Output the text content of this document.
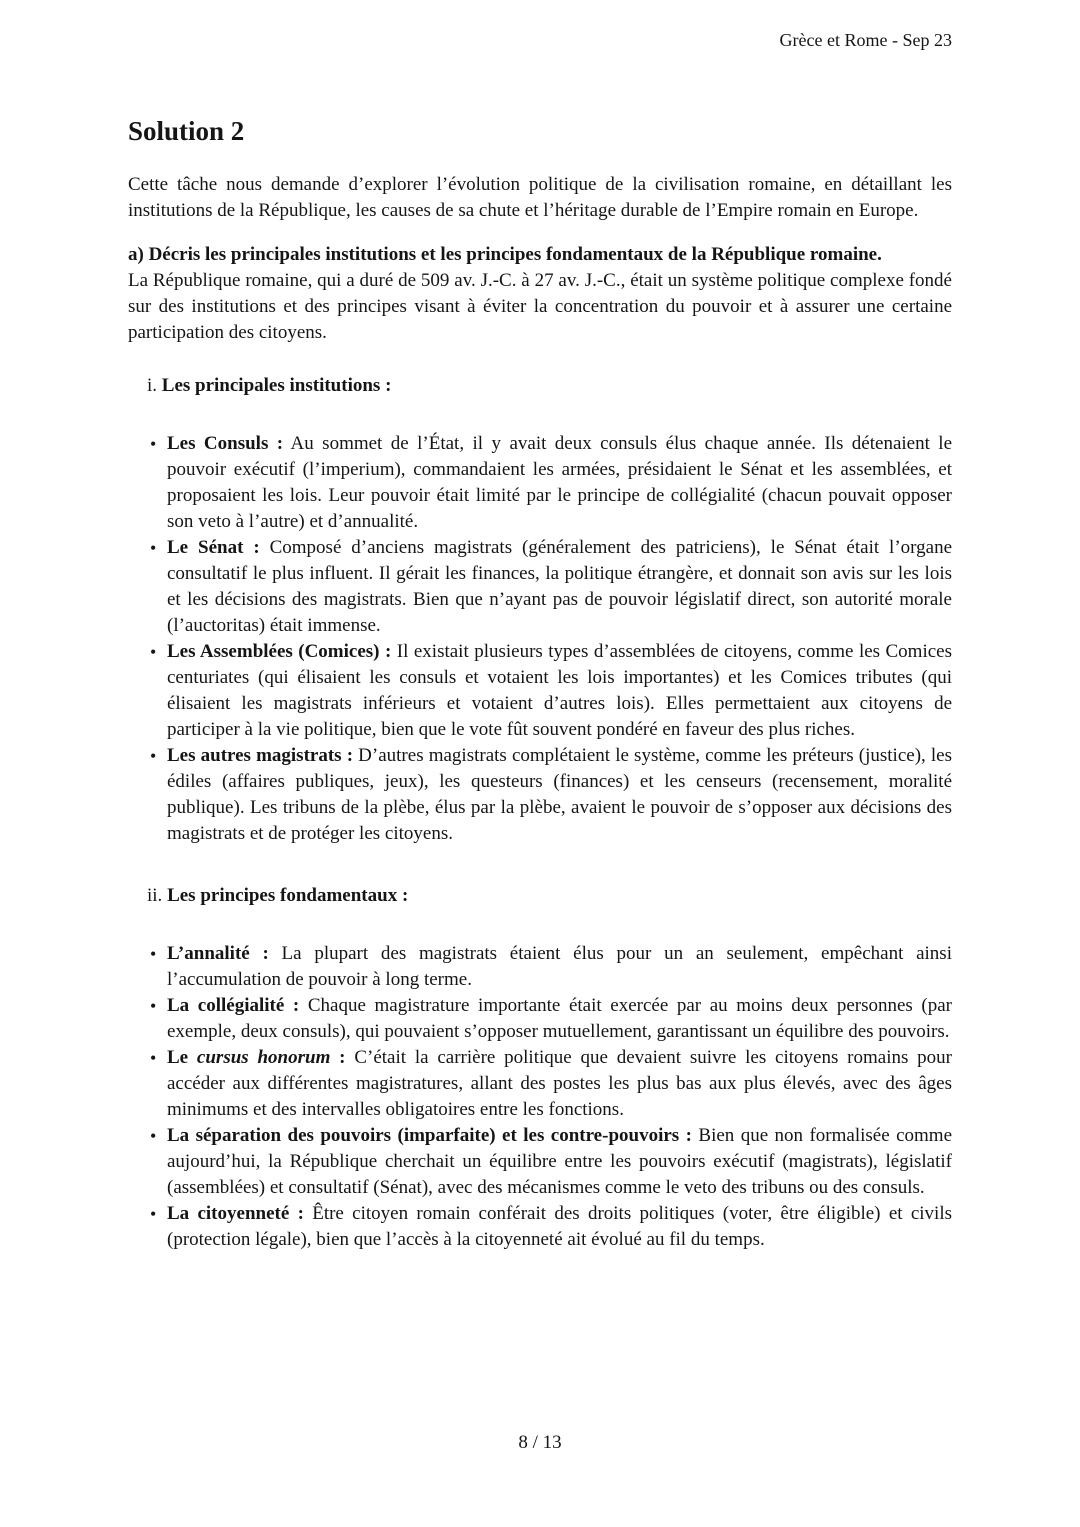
Grèce et Rome - Sep 23
Solution 2

Cette tâche nous demande d’explorer l’évolution politique de la civilisation romaine, en détaillant les institutions de la République, les causes de sa chute et l’héritage durable de l’Empire romain en Europe.

a) Décris les principales institutions et les principes fondamentaux de la République romaine.

La République romaine, qui a duré de 509 av. J.-C. à 27 av. J.-C., était un système politique complexe fondé sur des institutions et des principes visant à éviter la concentration du pouvoir et à assurer une certaine participation des citoyens.

i. Les principales institutions :
• Les Consuls : Au sommet de l’État, il y avait deux consuls élus chaque année. Ils détenaient le pouvoir exécutif (l’imperium), commandaient les armées, présidaient le Sénat et les assemblées, et proposaient les lois. Leur pouvoir était limité par le principe de collégialité (chacun pouvait opposer son veto à l’autre) et d’annualité.
• Le Sénat : Composé d’anciens magistrats (généralement des patriciens), le Sénat était l’organe consultatif le plus influent. Il gérait les finances, la politique étrangère, et donnait son avis sur les lois et les décisions des magistrats. Bien que n’ayant pas de pouvoir législatif direct, son autorité morale (l’auctoritas) était immense.
• Les Assemblées (Comices) : Il existait plusieurs types d’assemblées de citoyens, comme les Comices centuriates (qui élisaient les consuls et votaient les lois importantes) et les Comices tributes (qui élisaient les magistrats inférieurs et votaient d’autres lois). Elles permettaient aux citoyens de participer à la vie politique, bien que le vote fût souvent pondéré en faveur des plus riches.
• Les autres magistrats : D’autres magistrats complétaient le système, comme les préteurs (justice), les édiles (affaires publiques, jeux), les questeurs (finances) et les censeurs (recensement, moralité publique). Les tribuns de la plèbe, élus par la plèbe, avaient le pouvoir de s’opposer aux décisions des magistrats et de protéger les citoyens.
ii. Les principes fondamentaux :
• L’annalité : La plupart des magistrats étaient élus pour un an seulement, empêchant ainsi l’accumulation de pouvoir à long terme.
• La collégialité : Chaque magistrature importante était exercée par au moins deux personnes (par exemple, deux consuls), qui pouvaient s’opposer mutuellement, garantissant un équilibre des pouvoirs.
• Le cursus honorum : C’était la carrière politique que devaient suivre les citoyens romains pour accéder aux différentes magistratures, allant des postes les plus bas aux plus élevés, avec des âges minimums et des intervalles obligatoires entre les fonctions.
• La séparation des pouvoirs (imparfaite) et les contre-pouvoirs : Bien que non formalisée comme aujourd’hui, la République cherchait un équilibre entre les pouvoirs exécutif (magistrats), législatif (assemblées) et consultatif (Sénat), avec des mécanismes comme le veto des tribuns ou des consuls.
• La citoyenneté : Être citoyen romain conférait des droits politiques (voter, être éligible) et civils (protection légale), bien que l’accès à la citoyenneté ait évolué au fil du temps.
8 / 13
